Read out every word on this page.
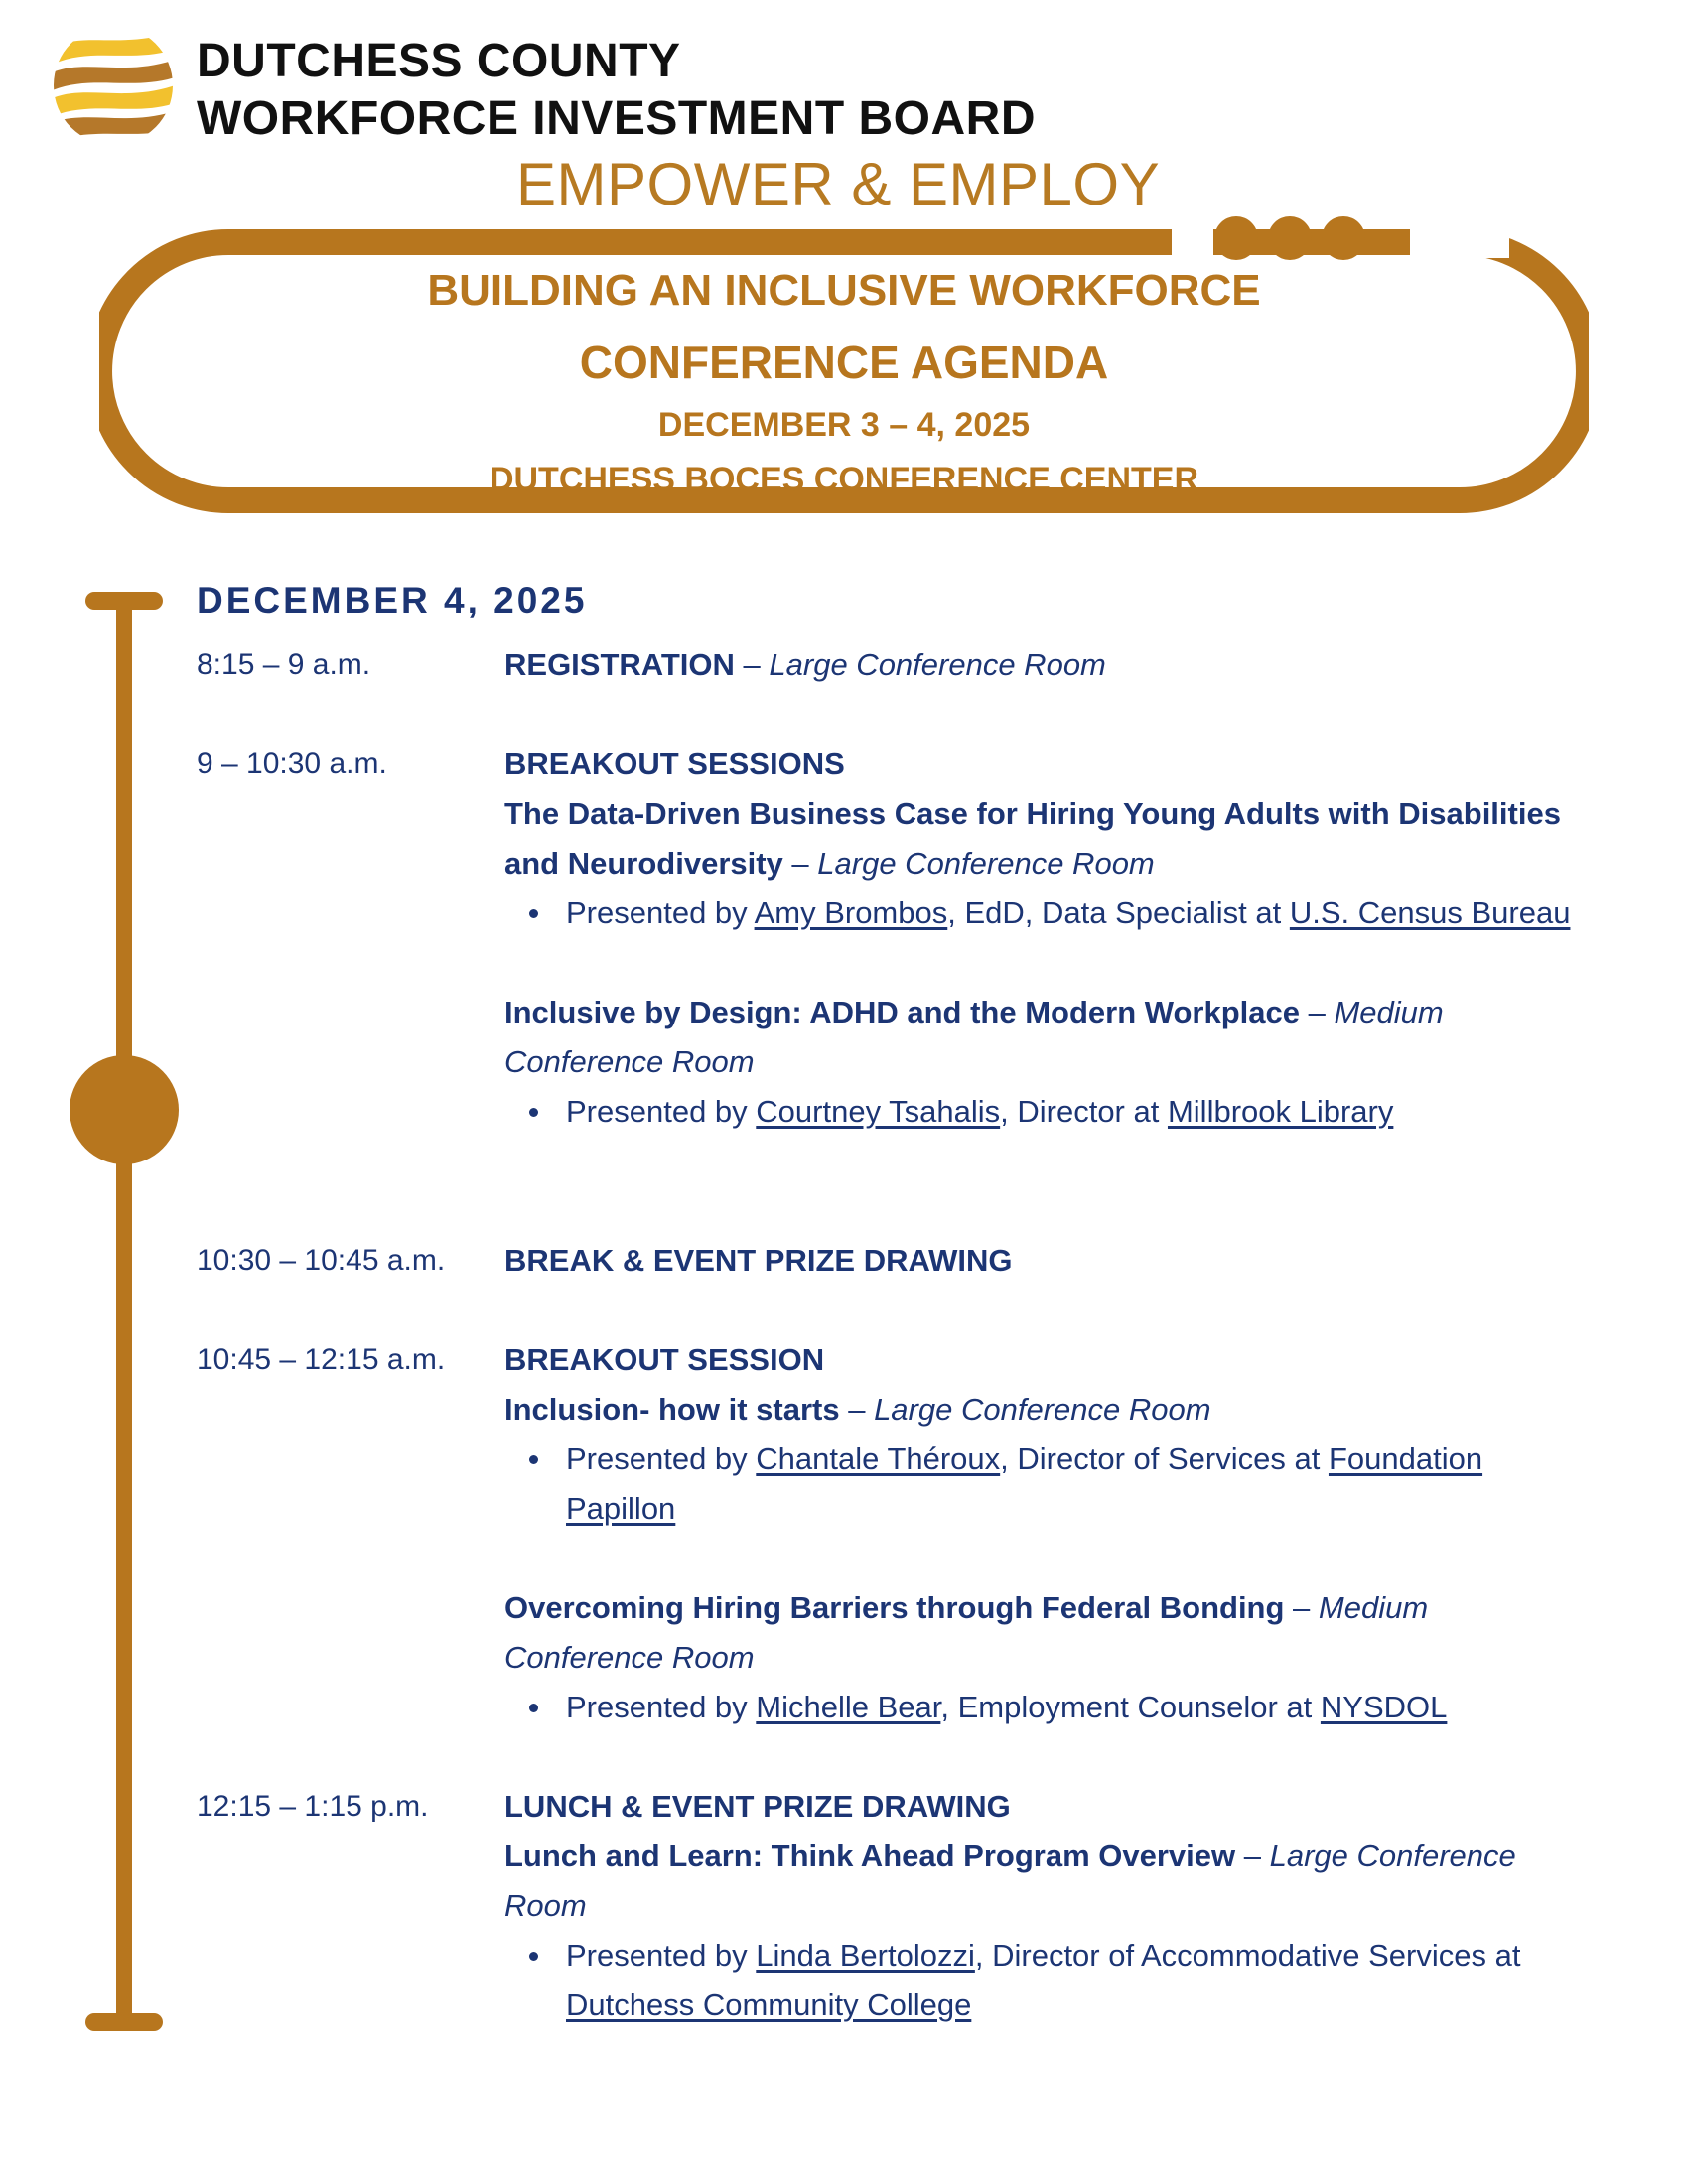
DUTCHESS COUNTY
WORKFORCE INVESTMENT BOARD
EMPOWER & EMPLOY
BUILDING AN INCLUSIVE WORKFORCE
CONFERENCE AGENDA
DECEMBER 3 – 4, 2025
DUTCHESS BOCES CONFERENCE CENTER
DECEMBER 4, 2025
8:15 – 9 a.m.	REGISTRATION – Large Conference Room
9 – 10:30 a.m.	BREAKOUT SESSIONS
The Data-Driven Business Case for Hiring Young Adults with Disabilities and Neurodiversity – Large Conference Room
Presented by Amy Brombos, EdD, Data Specialist at U.S. Census Bureau
Inclusive by Design: ADHD and the Modern Workplace – Medium Conference Room
Presented by Courtney Tsahalis, Director at Millbrook Library
10:30 – 10:45 a.m.	BREAK & EVENT PRIZE DRAWING
10:45 – 12:15 a.m.	BREAKOUT SESSION
Inclusion- how it starts – Large Conference Room
Presented by Chantale Théroux, Director of Services at Foundation Papillon
Overcoming Hiring Barriers through Federal Bonding – Medium Conference Room
Presented by Michelle Bear, Employment Counselor at NYSDOL
12:15 – 1:15 p.m.	LUNCH & EVENT PRIZE DRAWING
Lunch and Learn: Think Ahead Program Overview – Large Conference Room
Presented by Linda Bertolozzi, Director of Accommodative Services at Dutchess Community College
